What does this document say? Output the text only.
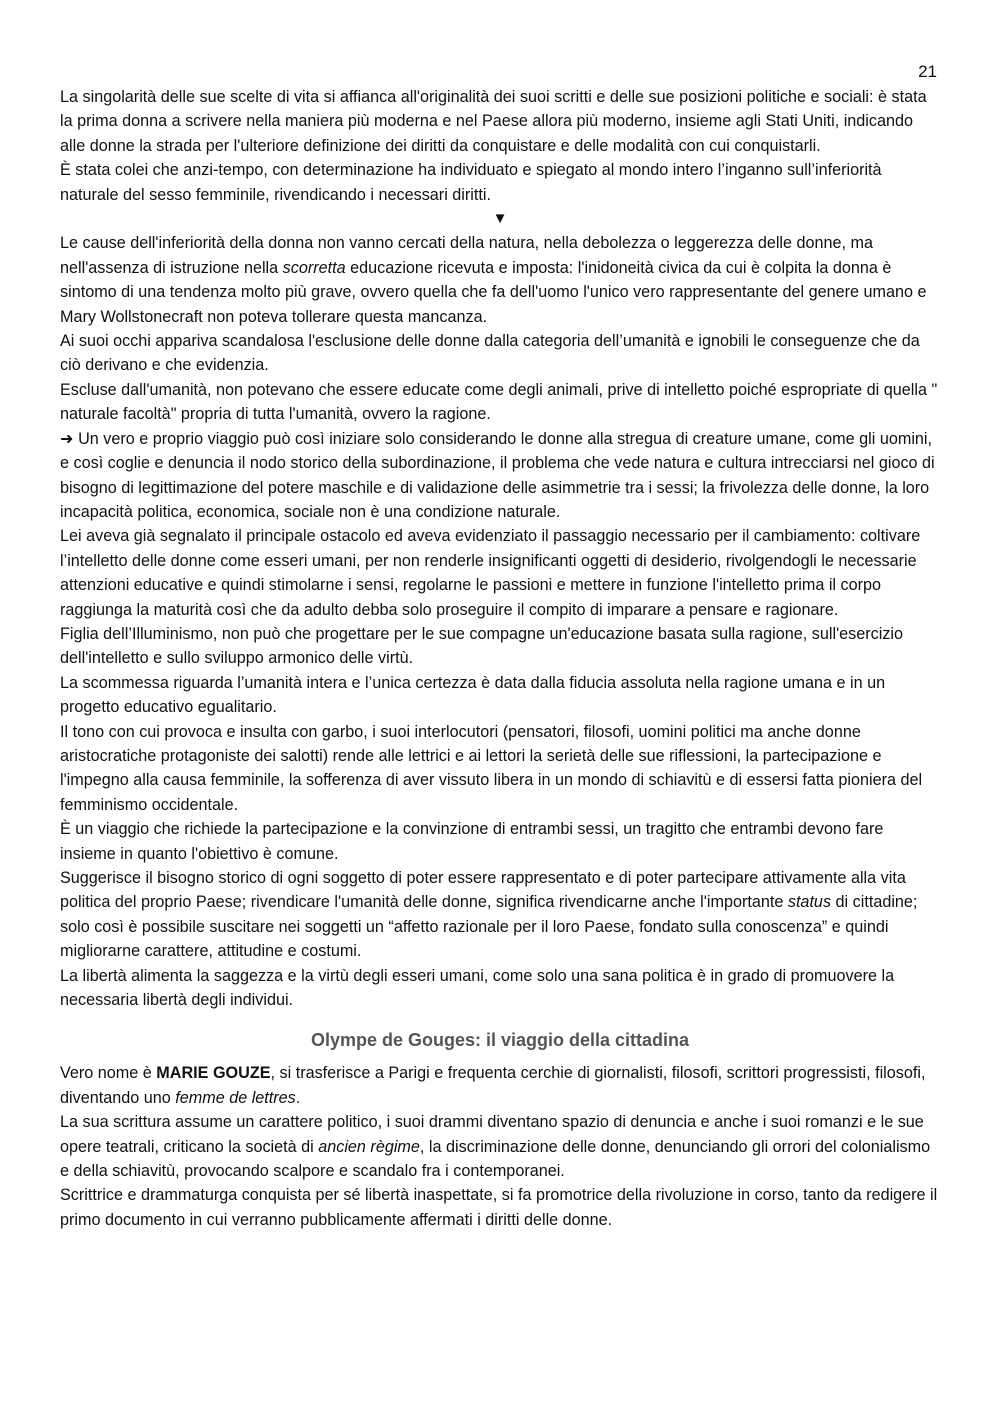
21

La singolarità delle sue scelte di vita si affianca all'originalità dei suoi scritti e delle sue posizioni politiche e sociali: è stata la prima donna a scrivere nella maniera più moderna e nel Paese allora più moderno, insieme agli Stati Uniti, indicando alle donne la strada per l'ulteriore definizione dei diritti da conquistare e delle modalità con cui conquistarli.

È stata colei che anzi-tempo, con determinazione ha individuato e spiegato al mondo intero l’inganno sull’inferiorità naturale del sesso femminile, rivendicando i necessari diritti.

▼

Le cause dell'inferiorità della donna non vanno cercati della natura, nella debolezza o leggerezza delle donne, ma nell'assenza di istruzione nella scorretta educazione ricevuta e imposta: l'inidoneità civica da cui è colpita la donna è sintomo di una tendenza molto più grave, ovvero quella che fa dell'uomo l'unico vero rappresentante del genere umano e Mary Wollstonecraft non poteva tollerare questa mancanza.

Ai suoi occhi appariva scandalosa l'esclusione delle donne dalla categoria dell’umanità e ignobili le conseguenze che da ciò derivano e che evidenzia.

Escluse dall'umanità, non potevano che essere educate come degli animali, prive di intelletto poiché espropriate di quella " naturale facoltà" propria di tutta l'umanità, ovvero la ragione.

➜ Un vero e proprio viaggio può così iniziare solo considerando le donne alla stregua di creature umane, come gli uomini, e così coglie e denuncia il nodo storico della subordinazione, il problema che vede natura e cultura intrecciarsi nel gioco di bisogno di legittimazione del potere maschile e di validazione delle asimmetrie tra i sessi; la frivolezza delle donne, la loro incapacità politica, economica, sociale non è una condizione naturale.

Lei aveva già segnalato il principale ostacolo ed aveva evidenziato il passaggio necessario per il cambiamento: coltivare l’intelletto delle donne come esseri umani, per non renderle insignificanti oggetti di desiderio, rivolgendogli le necessarie attenzioni educative e quindi stimolarne i sensi, regolarne le passioni e mettere in funzione l'intelletto prima il corpo raggiunga la maturità così che da adulto debba solo proseguire il compito di imparare a pensare e ragionare.

Figlia dell’Illuminismo, non può che progettare per le sue compagne un'educazione basata sulla ragione, sull'esercizio dell'intelletto e sullo sviluppo armonico delle virtù.

La scommessa riguarda l’umanità intera e l’unica certezza è data dalla fiducia assoluta nella ragione umana e in un progetto educativo egualitario.

Il tono con cui provoca e insulta con garbo, i suoi interlocutori (pensatori, filosofi, uomini politici ma anche donne aristocratiche protagoniste dei salotti) rende alle lettrici e ai lettori la serietà delle sue riflessioni, la partecipazione e l'impegno alla causa femminile, la sofferenza di aver vissuto libera in un mondo di schiavitù e di essersi fatta pioniera del femminismo occidentale.

È un viaggio che richiede la partecipazione e la convinzione di entrambi sessi, un tragitto che entrambi devono fare insieme in quanto l'obiettivo è comune.

Suggerisce il bisogno storico di ogni soggetto di poter essere rappresentato e di poter partecipare attivamente alla vita politica del proprio Paese; rivendicare l'umanità delle donne, significa rivendicarne anche l'importante status di cittadine; solo così è possibile suscitare nei soggetti un “affetto razionale per il loro Paese, fondato sulla conoscenza” e quindi migliorarne carattere, attitudine e costumi.

La libertà alimenta la saggezza e la virtù degli esseri umani, come solo una sana politica è in grado di promuovere la necessaria libertà degli individui.

Olympe de Gouges: il viaggio della cittadina

Vero nome è MARIE GOUZE, si trasferisce a Parigi e frequenta cerchie di giornalisti, filosofi, scrittori progressisti, filosofi, diventando uno femme de lettres.

La sua scrittura assume un carattere politico, i suoi drammi diventano spazio di denuncia e anche i suoi romanzi e le sue opere teatrali, criticano la società di ancien règime, la discriminazione delle donne, denunciando gli orrori del colonialismo e della schiavitù, provocando scalpore e scandalo fra i contemporanei.

Scrittrice e drammaturga conquista per sé libertà inaspettate, si fa promotrice della rivoluzione in corso, tanto da redigere il primo documento in cui verranno pubblicamente affermati i diritti delle donne.
